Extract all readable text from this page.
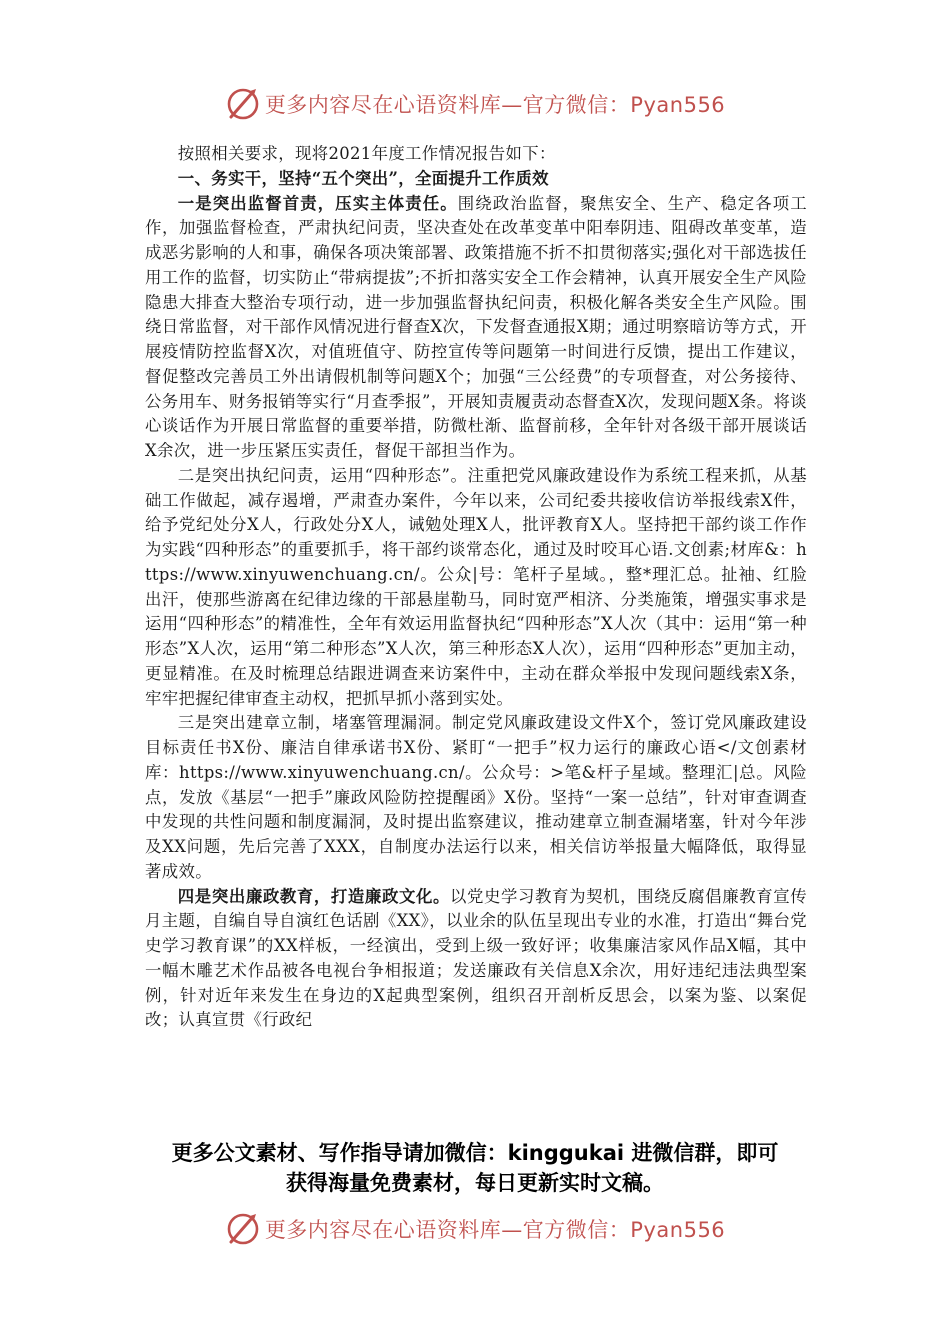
更多内容尽在心语资料库—官方微信：Pyan556

按照相关要求，现将2021年度工作情况报告如下：

一、务实干，坚持“五个突出”，全面提升工作质效

一是突出监督首责，压实主体责任。围绕政治监督，聚焦安全、生产、稳定各项工作，加强监督检查，严肃执纪问责，坚决查处在改革变革中阳奉阴违、阻碍改革变革，造成恶劣影响的人和事，确保各项决策部署、政策措施不折不扣贯彻落实;强化对干部选拔任用工作的监督，切实防止“带病提拔”;不折扣落实安全工作会精神，认真开展安全生产风险隐患大排查大整治专项行动，进一步加强监督执纪问责，积极化解各类安全生产风险。围绕日常监督，对干部作风情况进行督查X次，下发督查通报X期；通过明察暗访等方式，开展疫情防控监督X次，对值班值守、防控宣传等问题第一时间进行反馈，提出工作建议，督促整改完善员工外出请假机制等问题X个；加强“三公经费”的专项督查，对公务接待、公务用车、财务报销等实行“月查季报”，开展知责履责动态督查X次，发现问题X条。将谈心谈话作为开展日常监督的重要举措，防微杜渐、监督前移，全年针对各级干部开展谈话X余次，进一步压紧压实责任，督促干部担当作为。

二是突出执纪问责，运用“四种形态”。注重把党风廉政建设作为系统工程来抓，从基础工作做起，减存遏增，严肃查办案件，今年以来，公司纪委共接收信访举报线索X件，给予党纪处分X人，行政处分X人，诫勉处理X人，批评教育X人。坚持把干部约谈工作作为实践“四种形态”的重要抓手，将干部约谈常态化，通过及时咬耳心语.文创素;材库&：https://www.xinyuwenchuang.cn/。公众|号：笔杆子星域。，整*理汇总。扯袖、红脸出汗，使那些游离在纪律边缘的干部悬崖勒马，同时宽严相济、分类施策，增强实事求是运用“四种形态”的精准性，全年有效运用监督执纪“四种形态”X人次（其中：运用“第一种形态”X人次，运用“第二种形态”X人次，第三种形态X人次），运用“四种形态”更加主动，更显精准。在及时梳理总结跟进调查来访案件中，主动在群众举报中发现问题线索X条，牢牢把握纪律审查主动权，把抓早抓小落到实处。

三是突出建章立制，堵塞管理漏洞。制定党风廉政建设文件X个，签订党风廉政建设目标责任书X份、廉洁自律承诺书X份、紧盯“一把手”权力运行的廉政心语</文创素材库：https://www.xinyuwenchuang.cn/。公众号：>笔&杆子星域。整理汇|总。风险点，发放《基层“一把手”廉政风险防控提醒函》X份。坚持“一案一总结”，针对审查调查中发现的共性问题和制度漏洞，及时提出监察建议，推动建章立制查漏堵塞，针对今年涉及XX问题，先后完善了XXX，自制度办法运行以来，相关信访举报量大幅降低，取得显著成效。

四是突出廉政教育，打造廉政文化。以党史学习教育为契机，围绕反腐倡廉教育宣传月主题，自编自导自演红色话剧《XX》，以业余的队伍呈现出专业的水准，打造出“舞台党史学习教育课”的XX样板，一经演出，受到上级一致好评；收集廉洁家风作品X幅，其中一幅木雕艺术作品被各电视台争相报道；发送廉政有关信息X余次，用好违纪违法典型案例，针对近年来发生在身边的X起典型案例，组织召开剖析反思会，以案为鉴、以案促改；认真宣贯《行政纪

更多公文素材、写作指导请加微信：kinggukai 进微信群，即可
获得海量免费素材，每日更新实时文稿。
更多内容尽在心语资料库—官方微信：Pyan556
